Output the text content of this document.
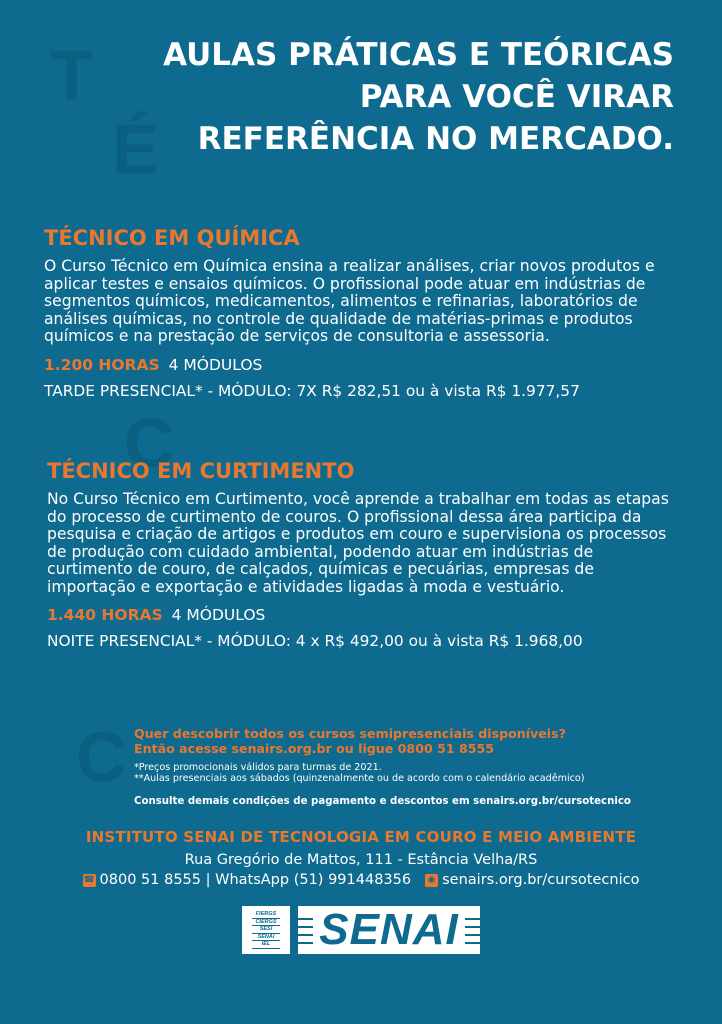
T
É
C
C
AULAS PRÁTICAS E TEÓRICAS
PARA VOCÊ VIRAR
REFERÊNCIA NO MERCADO.
TÉCNICO EM QUÍMICA

O Curso Técnico em Química ensina a realizar análises, criar novos produtos e aplicar testes e ensaios químicos. O profissional pode atuar em indústrias de segmentos químicos, medicamentos, alimentos e refinarias, laboratórios de análises químicas, no controle de qualidade de matérias-primas e produtos químicos e na prestação de serviços de consultoria e assessoria.

1.200 HORAS 4 MÓDULOS
TARDE PRESENCIAL* - MÓDULO: 7X R$ 282,51 ou à vista R$ 1.977,57
TÉCNICO EM CURTIMENTO

No Curso Técnico em Curtimento, você aprende a trabalhar em todas as etapas do processo de curtimento de couros. O profissional dessa área participa da pesquisa e criação de artigos e produtos em couro e supervisiona os processos de produção com cuidado ambiental, podendo atuar em indústrias de curtimento de couro, de calçados, químicas e pecuárias, empresas de importação e exportação e atividades ligadas à moda e vestuário.

1.440 HORAS 4 MÓDULOS
NOITE PRESENCIAL* - MÓDULO: 4 x R$ 492,00 ou à vista R$ 1.968,00
Quer descobrir todos os cursos semipresenciais disponíveis?
Então acesse senairs.org.br ou ligue 0800 51 8555
*Preços promocionais válidos para turmas de 2021.
**Aulas presenciais aos sábados (quinzenalmente ou de acordo com o calendário acadêmico)
Consulte demais condições de pagamento e descontos em senairs.org.br/cursotecnico
INSTITUTO SENAI DE TECNOLOGIA EM COURO E MEIO AMBIENTE
Rua Gregório de Mattos, 111 - Estância Velha/RS
☎ 0800 51 8555 | WhatsApp (51) 991448356 ◉ senairs.org.br/cursotecnico
FIERGS
CIERGS
SESI
SENAI
IEL SENAI
